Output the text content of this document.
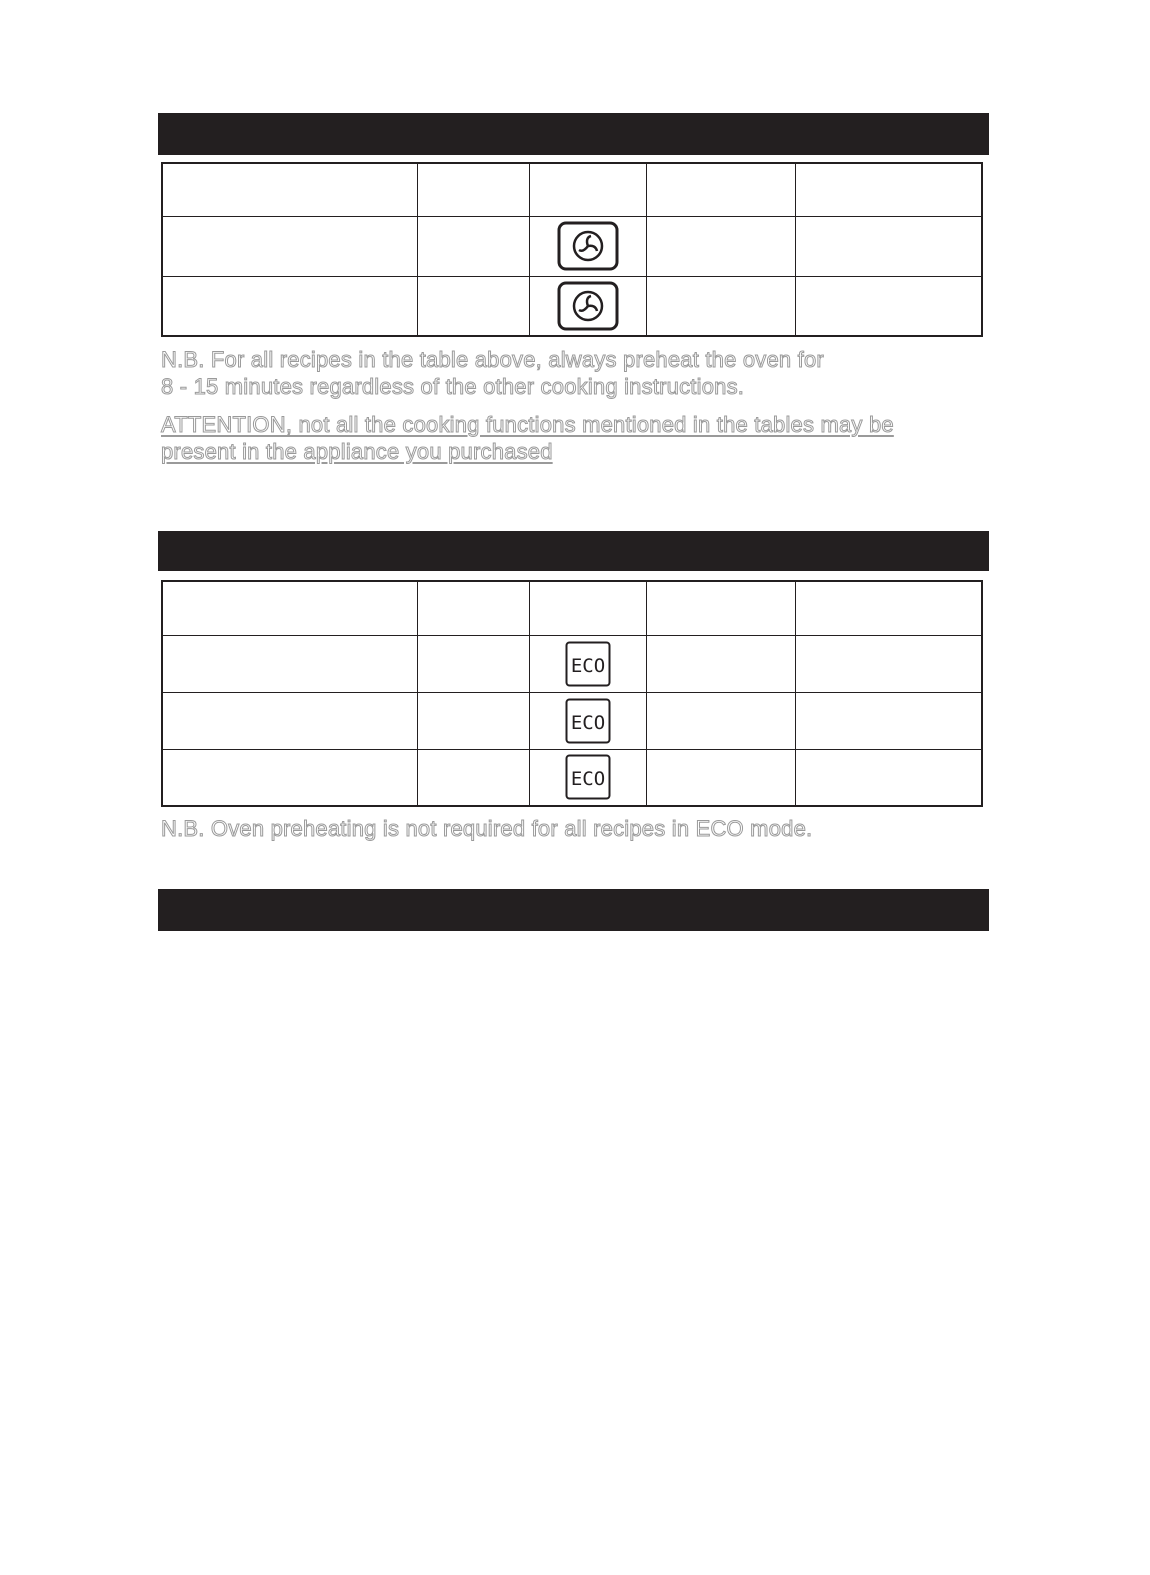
N.B. For all recipes in the table above, always preheat the oven for

8 - 15 minutes regardless of the other cooking instructions.

ATTENTION, not all the cooking functions mentioned in the tables may be

present in the appliance you purchased

ECO		

ECO		

ECO		

N.B. Oven preheating is not required for all recipes in ECO mode.
